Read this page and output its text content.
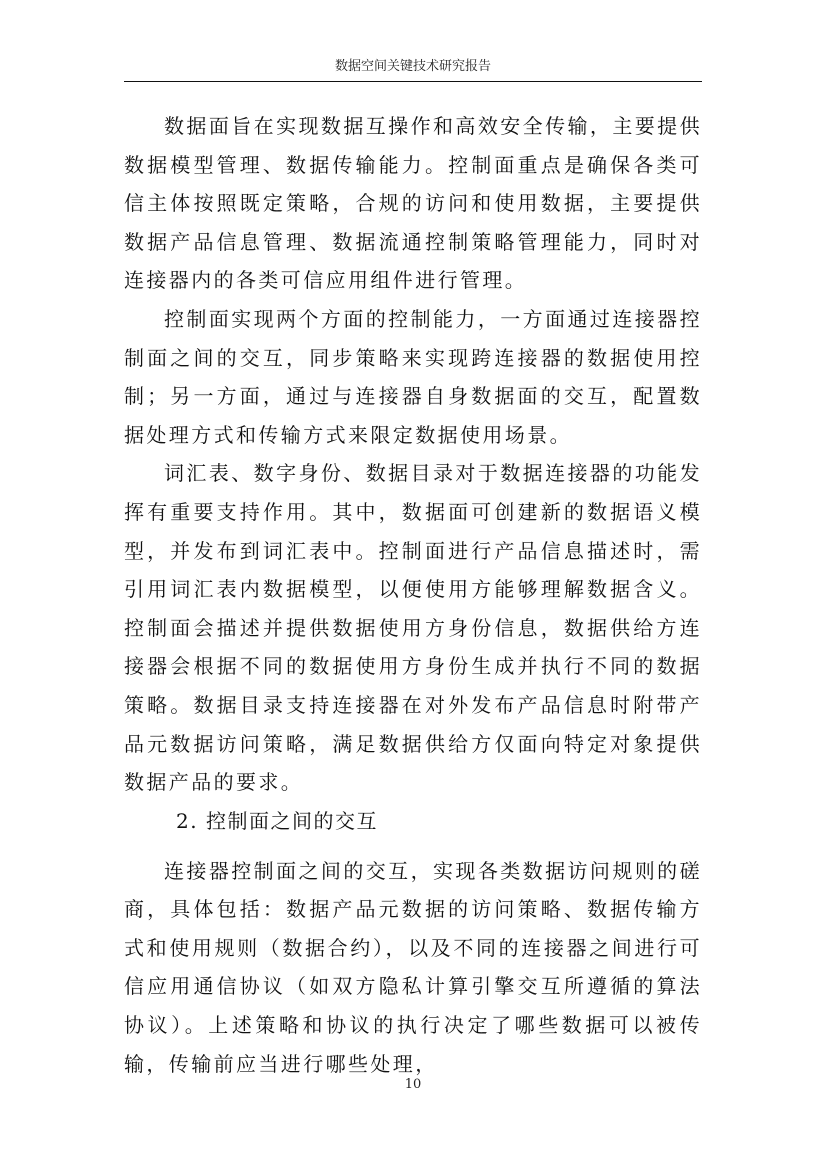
数据空间关键技术研究报告

数据面旨在实现数据互操作和高效安全传输，主要提供数据模型管理、数据传输能力。控制面重点是确保各类可信主体按照既定策略，合规的访问和使用数据，主要提供数据产品信息管理、数据流通控制策略管理能力，同时对连接器内的各类可信应用组件进行管理。

控制面实现两个方面的控制能力，一方面通过连接器控制面之间的交互，同步策略来实现跨连接器的数据使用控制；另一方面，通过与连接器自身数据面的交互，配置数据处理方式和传输方式来限定数据使用场景。

词汇表、数字身份、数据目录对于数据连接器的功能发挥有重要支持作用。其中，数据面可创建新的数据语义模型，并发布到词汇表中。控制面进行产品信息描述时，需引用词汇表内数据模型，以便使用方能够理解数据含义。控制面会描述并提供数据使用方身份信息，数据供给方连接器会根据不同的数据使用方身份生成并执行不同的数据策略。数据目录支持连接器在对外发布产品信息时附带产品元数据访问策略，满足数据供给方仅面向特定对象提供数据产品的要求。

2. 控制面之间的交互

连接器控制面之间的交互，实现各类数据访问规则的磋商，具体包括：数据产品元数据的访问策略、数据传输方式和使用规则（数据合约），以及不同的连接器之间进行可信应用通信协议（如双方隐私计算引擎交互所遵循的算法协议）。上述策略和协议的执行决定了哪些数据可以被传输，传输前应当进行哪些处理，

10
